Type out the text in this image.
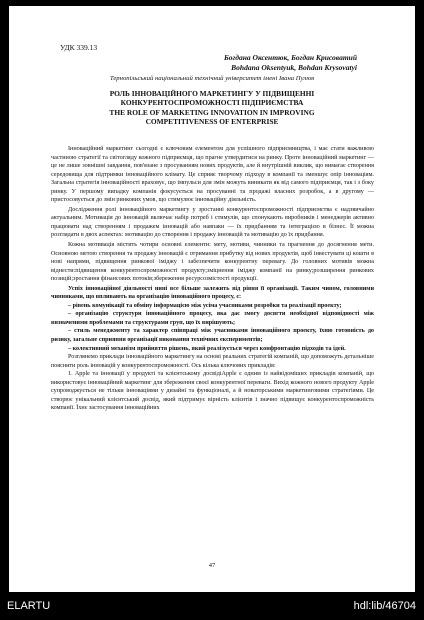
УДК 339.13
Богдана Оксентюк, Богдан Крисоватий
Bohdana Oksentyuk, Bohdan Krysovatyi
Тернопільський національний технічний університет імені Івана Пулюя
РОЛЬ ІННОВАЦІЙНОГО МАРКЕТИНГУ У ПІДВИЩЕННІ
КОНКУРЕНТОСПРОМОЖНОСТІ ПІДПРИЄМСТВА
THE ROLE OF MARKETING INNOVATION IN IMPROVING
COMPETITIVENESS OF ENTERPRISE

Інноваційний маркетинг сьогодні є ключовим елементом для успішного підприємництва, і має стати важливою частиною стратегії та світогляду кожного підприємця, що прагне утвердитися на ринку. Проте інноваційний маркетинг — це не лише зовнішні завдання, пов'язане з просуванням нових продуктів, але й внутрішній виклик, що вимагає створення середовища для підтримки інноваційного клімату. Це сприяє творчому підходу в компанії та зменшує опір інноваціям. Загальна стратегія інноваційності враховує, що імпульси для змін можуть виникати як від самого підприємця, так і з боку ринку. У першому випадку компанія фокусується на просуванні та продажі власних розробок, а в другому — пристосовується до змін ринкових умов, що стимулює інноваційну діяльність.

Дослідження ролі інноваційного маркетингу у зростанні конкурентоспроможності підприємства є надзвичайно актуальним. Мотивація до інновацій включає набір потреб і стимулів, що спонукають виробників і менеджерів активно працювати над створенням і продажем інновацій або навпаки — їх придбанням та інтеграцією в бізнес. Її можна розглядати в двох аспектах: мотивацію до створення і продажу інновацій та мотивацію до їх придбання.

Кожна мотивація містить чотири основні елементи: мету, мотиви, чинники та прагнення до досягнення мети. Основною метою створення та продажу інновацій є отримання прибутку від нових продуктів, щоб інвестувати ці кошти в нові напрями, підвищення ринкової іміджу і забезпечити конкурентну перевагу. До головних мотивів можна віднести:підвищення конкурентоспроможності продукту;зміцнення іміджу компанії на ринку;розширення ринкових позицій;зростання фінансових потоків;збереження ресурсозмістості продукції.

Успіх інноваційної діяльності нині все більше залежить від рівня її організації. Таким чином, головними чинниками, що впливають на організацію інноваційного процесу, є:

– рівень комунікації та обміну інформацією між усіма учасниками розробки та реалізації проекту;

– організацію структури інноваційного процесу, яка дає змогу досягти необхідної відповідності між визначеними проблемами та структурами груп, що їх вирішують;

– стиль менеджменту та характер співпраці між учасниками інноваційного проекту, їхню готовність до ризику, загальне сприяння організації виконання технічних експериментів;

– колективний механізм прийняття рішень, який реалізується через конфронтацію підходів та ідей.

Розглянемо приклади інноваційного маркетингу на основі реальних стратегій компаній, що допоможуть детальніше пояснити роль інновацій у конкурентоспроможності. Ось кілька ключових прикладів:

1. Apple та інновації у продукті та клієнтському досвідіApple є одним із найвідоміших прикладів компаній, що використовує інноваційний маркетинг для збереження своєї конкурентної переваги. Вихід кожного нового продукту Apple супроводжується не тільки інноваціями у дизайні та функціоналі, а й новаторськими маркетинговими стратегіями. Це створює унікальний клієнтський досвід, який підтримує вірність клієнтів і значно підвищує конкурентоспроможність компанії. Їхнє застосування інноваційних

47
ELARTU	hdl:lib/46704
